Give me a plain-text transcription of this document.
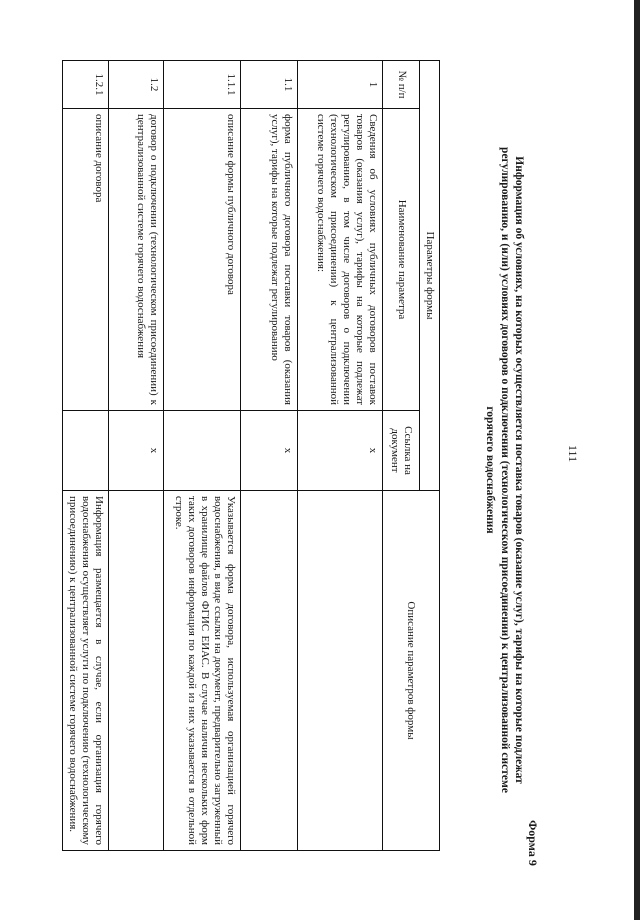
111
Форма 9
Информация об условиях, на которых осуществляется поставка товаров (оказание услуг), тарифы на которые подлежат
регулированию, и (или) условиях договоров о подключении (технологическом присоединении) к централизованной системе
горячего водоснабжения
Параметры формы			Описание параметров формы
№ п/п	Наименование параметра	Ссылка на документ	
1	Сведения об условиях публичных договоров поставок товаров (оказания услуг), тарифы на которые подлежат регулированию, в том числе договоров о подключении (технологическом присоединении) к централизованной системе горячего водоснабжения:	x	
1.1	форма публичного договора поставки товаров (оказания услуг), тарифы на которые подлежат регулированию	x	
1.1.1	описание формы публичного договора		Указывается форма договора, используемая организацией горячего водоснабжения, в виде ссылки на документ, предварительно загруженный в хранилище файлов ФГИС ЕИАС. В случае наличия нескольких форм таких договоров информация по каждой из них указывается в отдельной строке.
1.2	договор о подключении (технологическом присоединении) к централизованной системе горячего водоснабжения	x	
1.2.1	описание договора		Информация размещается в случае, если организация горячего водоснабжения осуществляет услуги по подключению (технологическому присоединению) к централизованной системе горячего водоснабжения.
